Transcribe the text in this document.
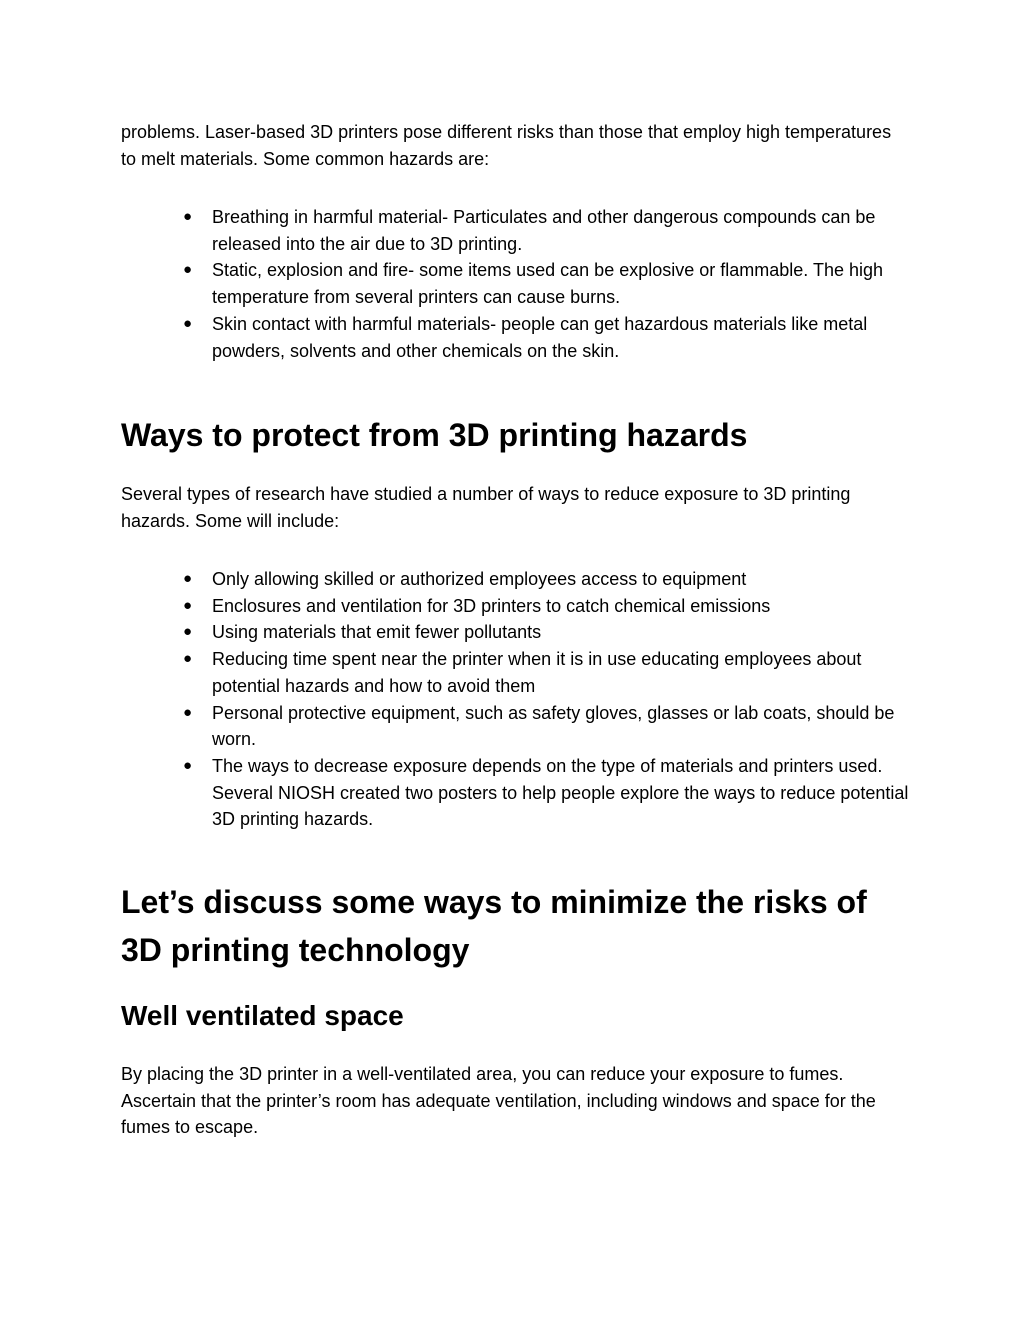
problems. Laser-based 3D printers pose different risks than those that employ high temperatures to melt materials. Some common hazards are:

● Breathing in harmful material- Particulates and other dangerous compounds can be released into the air due to 3D printing.
● Static, explosion and fire- some items used can be explosive or flammable. The high temperature from several printers can cause burns.
● Skin contact with harmful materials- people can get hazardous materials like metal powders, solvents and other chemicals on the skin.
Ways to protect from 3D printing hazards

Several types of research have studied a number of ways to reduce exposure to 3D printing hazards. Some will include:

● Only allowing skilled or authorized employees access to equipment
● Enclosures and ventilation for 3D printers to catch chemical emissions
● Using materials that emit fewer pollutants
● Reducing time spent near the printer when it is in use educating employees about potential hazards and how to avoid them
● Personal protective equipment, such as safety gloves, glasses or lab coats, should be worn.
● The ways to decrease exposure depends on the type of materials and printers used. Several NIOSH created two posters to help people explore the ways to reduce potential 3D printing hazards.
Let’s discuss some ways to minimize the risks of 3D printing technology
Well ventilated space

By placing the 3D printer in a well-ventilated area, you can reduce your exposure to fumes. Ascertain that the printer’s room has adequate ventilation, including windows and space for the fumes to escape.
